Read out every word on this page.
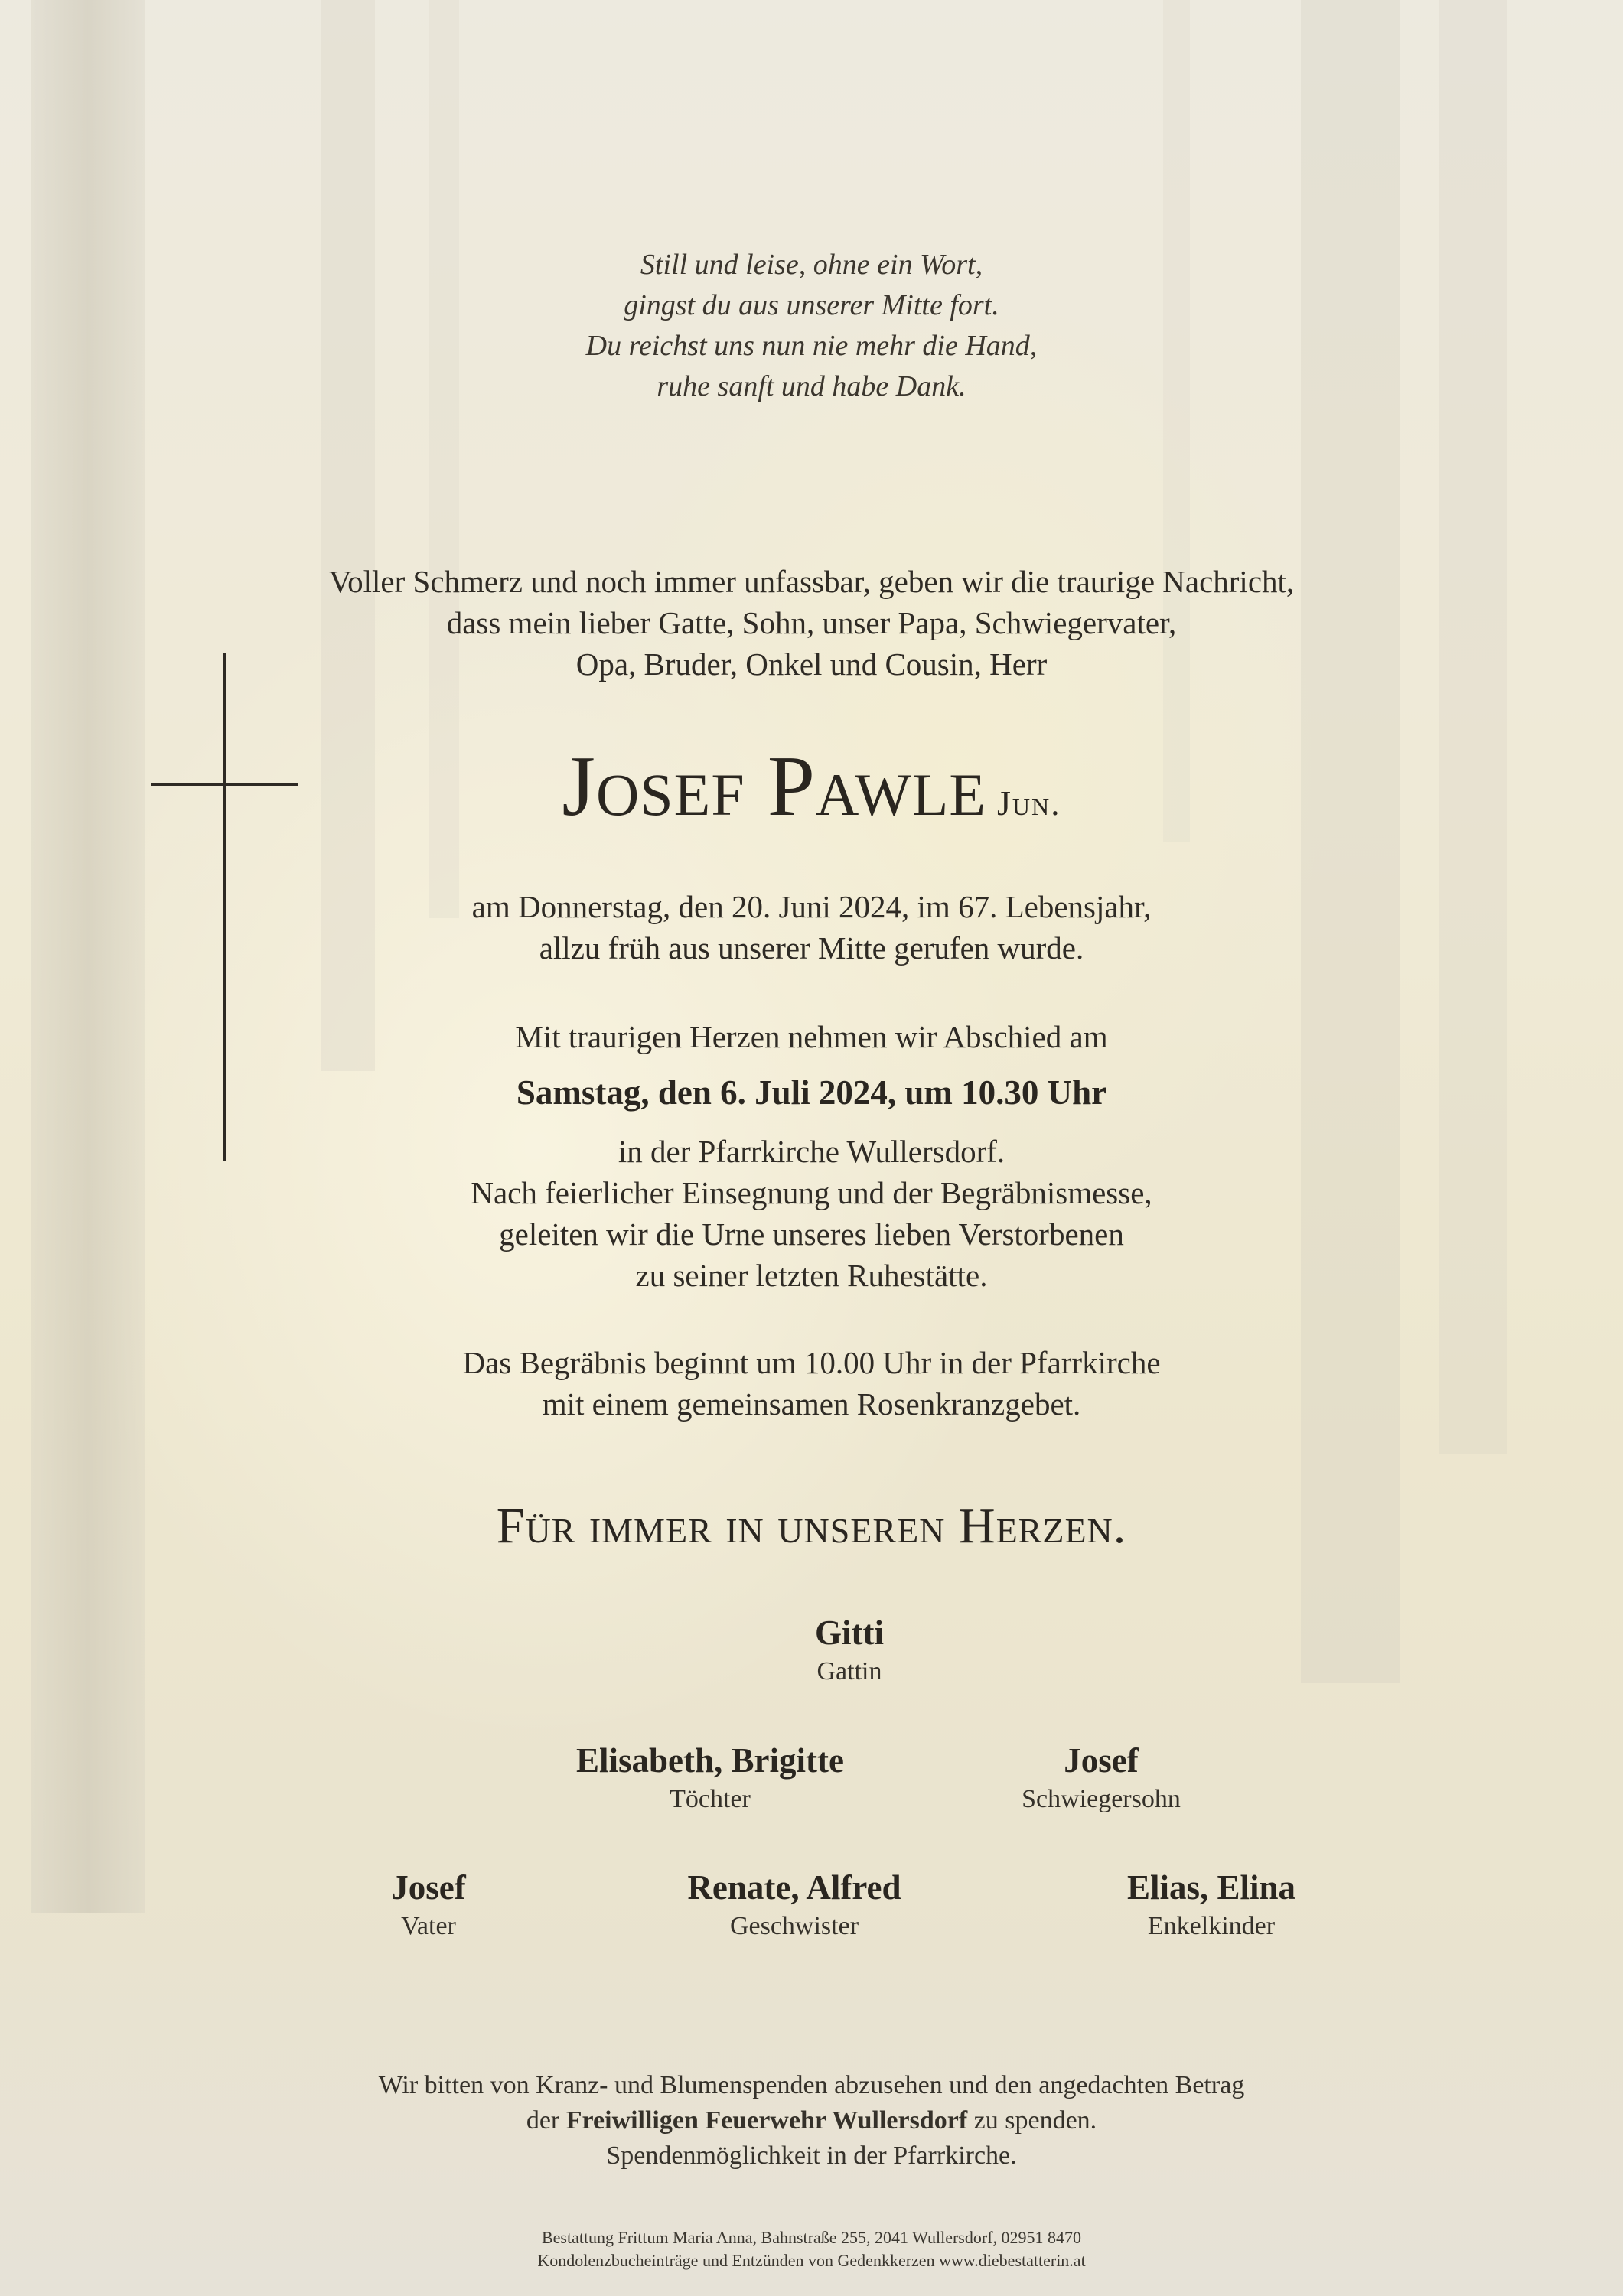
Still und leise, ohne ein Wort,
gingst du aus unserer Mitte fort.
Du reichst uns nun nie mehr die Hand,
ruhe sanft und habe Dank.
Voller Schmerz und noch immer unfassbar, geben wir die traurige Nachricht,
dass mein lieber Gatte, Sohn, unser Papa, Schwiegervater,
Opa, Bruder, Onkel und Cousin, Herr
Josef Pawle Jun.
am Donnerstag, den 20. Juni 2024, im 67. Lebensjahr,
allzu früh aus unserer Mitte gerufen wurde.
Mit traurigen Herzen nehmen wir Abschied am
Samstag, den 6. Juli 2024, um 10.30 Uhr
in der Pfarrkirche Wullersdorf.
Nach feierlicher Einsegnung und der Begräbnismesse,
geleiten wir die Urne unseres lieben Verstorbenen
zu seiner letzten Ruhestätte.
Das Begräbnis beginnt um 10.00 Uhr in der Pfarrkirche
mit einem gemeinsamen Rosenkranzgebet.
Für immer in unseren Herzen.
Gitti
Gattin
Elisabeth, Brigitte
Töchter
Josef
Schwiegersohn
Josef
Vater
Renate, Alfred
Geschwister
Elias, Elina
Enkelkinder
Wir bitten von Kranz- und Blumenspenden abzusehen und den angedachten Betrag
der Freiwilligen Feuerwehr Wullersdorf zu spenden.
Spendenmöglichkeit in der Pfarrkirche.
Bestattung Frittum Maria Anna, Bahnstraße 255, 2041 Wullersdorf, 02951 8470
Kondolenzbucheinträge und Entzünden von Gedenkkerzen www.diebestatterin.at
